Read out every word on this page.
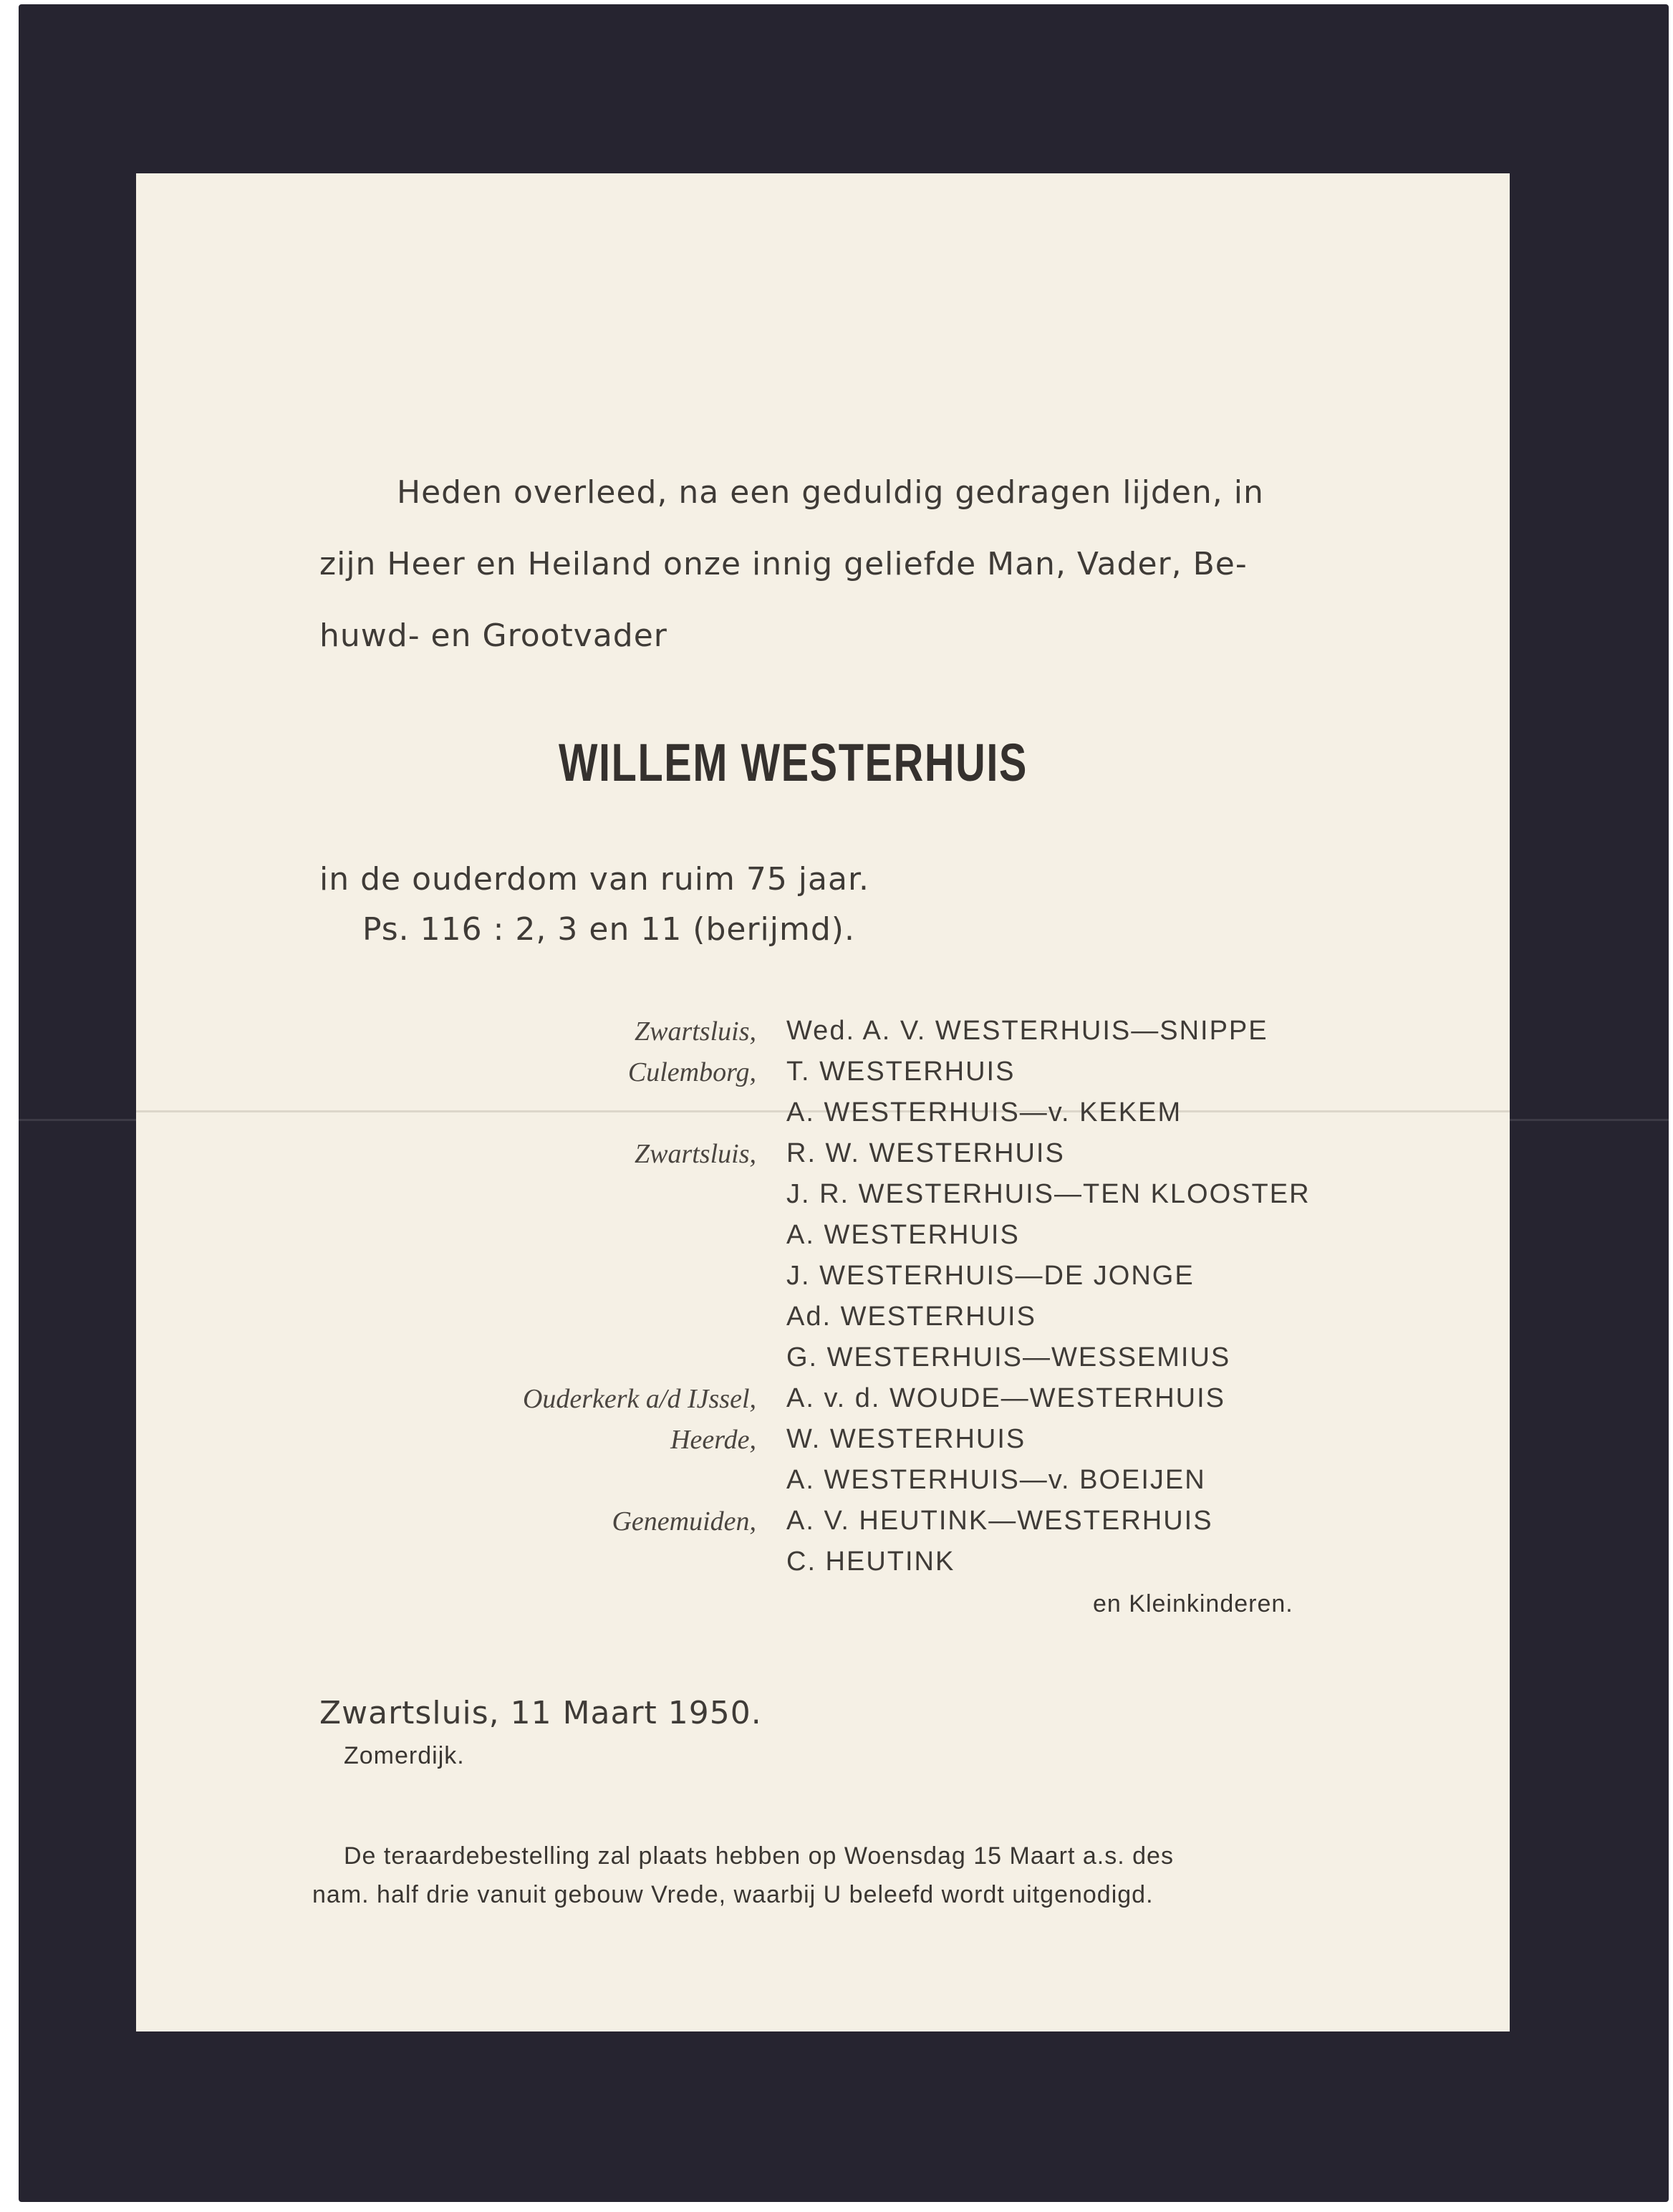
Heden overleed, na een geduldig gedragen lijden, in

zijn Heer en Heiland onze innig geliefde Man, Vader, Be-

huwd- en Grootvader

WILLEM WESTERHUIS

in de ouderdom van ruim 75 jaar.

Ps. 116 : 2, 3 en 11 (berijmd).

Zwartsluis, Wed. A. V. WESTERHUIS—SNIPPE
Culemborg, T. WESTERHUIS
A. WESTERHUIS—v. KEKEM
Zwartsluis, R. W. WESTERHUIS
J. R. WESTERHUIS—TEN KLOOSTER
A. WESTERHUIS
J. WESTERHUIS—DE JONGE
Ad. WESTERHUIS
G. WESTERHUIS—WESSEMIUS
Ouderkerk a/d IJssel, A. v. d. WOUDE—WESTERHUIS
Heerde, W. WESTERHUIS
A. WESTERHUIS—v. BOEIJEN
Genemuiden, A. V. HEUTINK—WESTERHUIS
C. HEUTINK

en Kleinkinderen.

Zwartsluis, 11 Maart 1950.

Zomerdijk.

De teraardebestelling zal plaats hebben op Woensdag 15 Maart a.s. des

nam. half drie vanuit gebouw Vrede, waarbij U beleefd wordt uitgenodigd.
